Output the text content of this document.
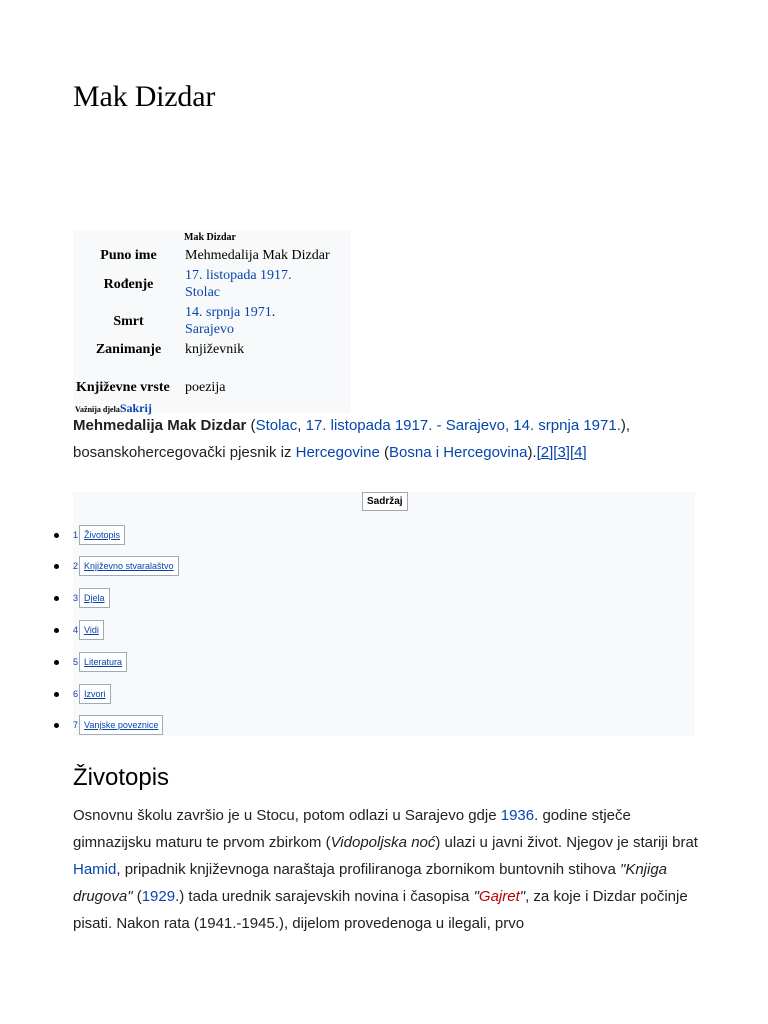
Mak Dizdar
Mak Dizdar
Puno ime	Mehmedalija Mak Dizdar
Rođenje
17. listopada 1917.
Stolac
Smrt
14. srpnja 1971.
Sarajevo
Zanimanje	književnik
Književne vrste poezija
Važnija djelaSakrij

Mehmedalija Mak Dizdar (Stolac, 17. listopada 1917. - Sarajevo, 14. srpnja 1971.),
bosanskohercegovački pjesnik iz Hercegovine (Bosna i Hercegovina).[2][3][4]

Sadržaj
1 Životopis
2 Književno stvaralaštvo
3 Djela
4 Vidi
5 Literatura
6 Izvori
7 Vanjske poveznice
Životopis

Osnovnu školu završio je u Stocu, potom odlazi u Sarajevo gdje 1936. godine stječe gimnazijsku maturu te prvom zbirkom (Vidopoljska noć) ulazi u javni život. Njegov je stariji brat Hamid, pripadnik književnoga naraštaja profiliranoga zbornikom buntovnih stihova "Knjiga drugova" (1929.) tada urednik sarajevskih novina i časopisa "Gajret", za koje i Dizdar počinje pisati. Nakon rata (1941.-1945.), dijelom provedenoga u ilegali, prvo
